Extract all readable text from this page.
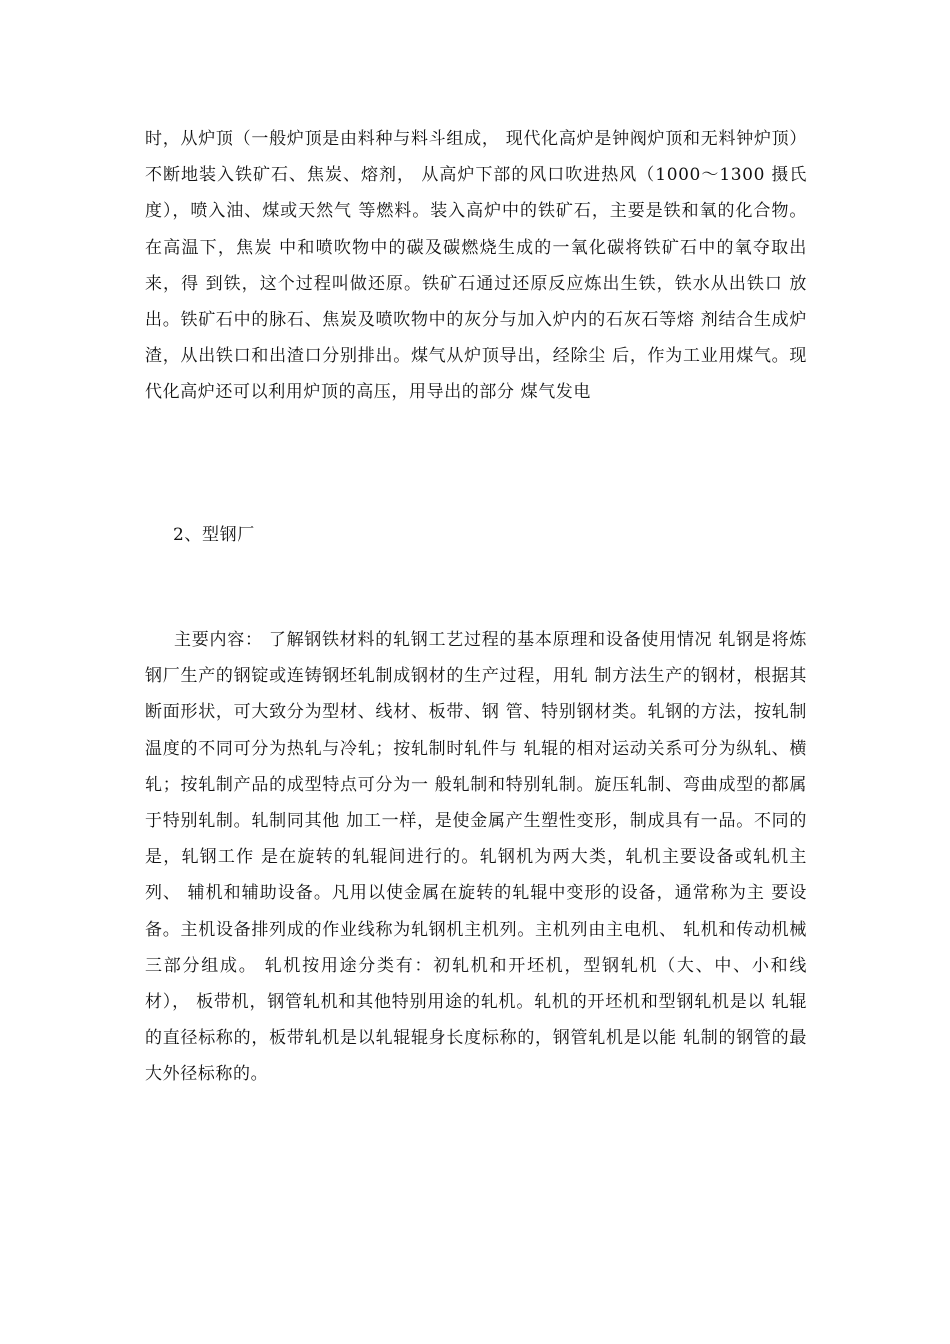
时，从炉顶（一般炉顶是由料种与料斗组成， 现代化高炉是钟阀炉顶和无料钟炉顶）不断地装入铁矿石、焦炭、熔剂， 从高炉下部的风口吹进热风（1000～1300 摄氏度），喷入油、煤或天然气 等燃料。装入高炉中的铁矿石，主要是铁和氧的化合物。在高温下，焦炭 中和喷吹物中的碳及碳燃烧生成的一氧化碳将铁矿石中的氧夺取出来，得 到铁，这个过程叫做还原。铁矿石通过还原反应炼出生铁，铁水从出铁口 放出。铁矿石中的脉石、焦炭及喷吹物中的灰分与加入炉内的石灰石等熔 剂结合生成炉渣，从出铁口和出渣口分别排出。煤气从炉顶导出，经除尘 后，作为工业用煤气。现代化高炉还可以利用炉顶的高压，用导出的部分 煤气发电

2、型钢厂

主要内容： 了解钢铁材料的轧钢工艺过程的基本原理和设备使用情况 轧钢是将炼钢厂生产的钢锭或连铸钢坯轧制成钢材的生产过程，用轧 制方法生产的钢材，根据其断面形状，可大致分为型材、线材、板带、钢 管、特别钢材类。轧钢的方法，按轧制温度的不同可分为热轧与冷轧；按轧制时轧件与 轧辊的相对运动关系可分为纵轧、横轧；按轧制产品的成型特点可分为一 般轧制和特别轧制。旋压轧制、弯曲成型的都属于特别轧制。轧制同其他 加工一样，是使金属产生塑性变形，制成具有一品。不同的是，轧钢工作 是在旋转的轧辊间进行的。轧钢机为两大类，轧机主要设备或轧机主列、 辅机和辅助设备。凡用以使金属在旋转的轧辊中变形的设备，通常称为主 要设备。主机设备排列成的作业线称为轧钢机主机列。主机列由主电机、 轧机和传动机械三部分组成。 轧机按用途分类有：初轧机和开坯机，型钢轧机（大、中、小和线材）， 板带机，钢管轧机和其他特别用途的轧机。轧机的开坯机和型钢轧机是以 轧辊的直径标称的，板带轧机是以轧辊辊身长度标称的，钢管轧机是以能 轧制的钢管的最大外径标称的。
